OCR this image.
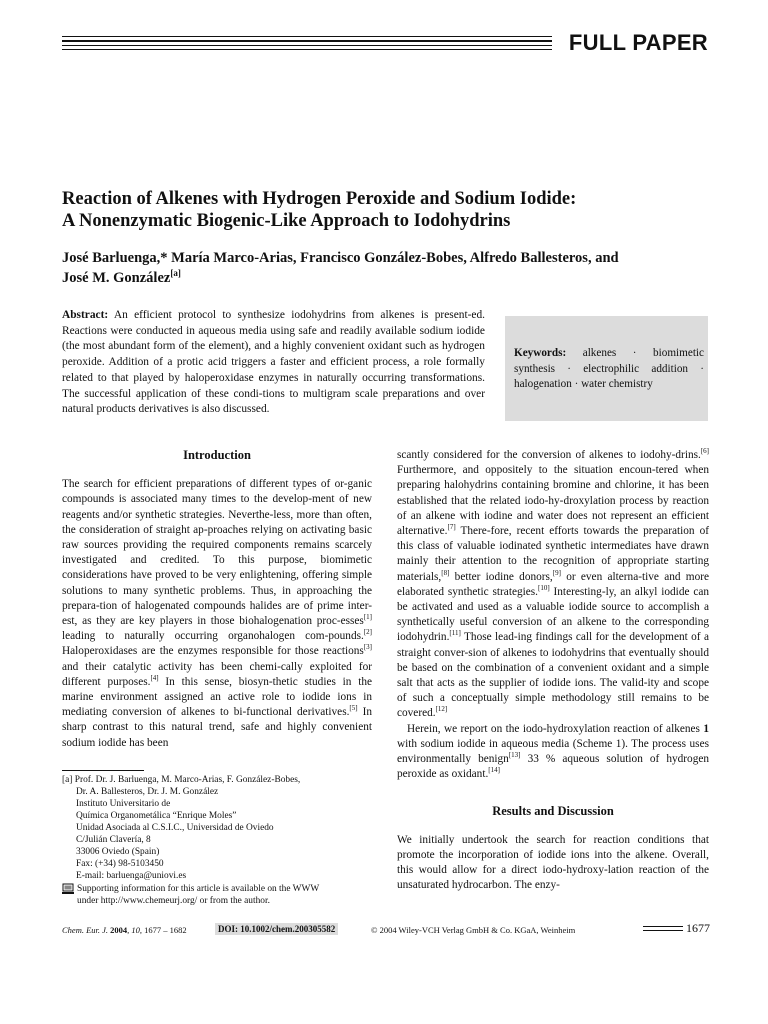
FULL PAPER
Reaction of Alkenes with Hydrogen Peroxide and Sodium Iodide:
A Nonenzymatic Biogenic-Like Approach to Iodohydrins
José Barluenga,* María Marco-Arias, Francisco González-Bobes, Alfredo Ballesteros, and
José M. González[a]
Abstract: An efficient protocol to synthesize iodohydrins from alkenes is present-ed. Reactions were conducted in aqueous media using safe and readily available sodium iodide (the most abundant form of the element), and a highly convenient oxidant such as hydrogen peroxide. Addition of a protic acid triggers a faster and efficient process, a role formally related to that played by haloperoxidase enzymes in naturally occurring transformations. The successful application of these condi-tions to multigram scale preparations and over natural products derivatives is also discussed.
Keywords: alkenes · biomimetic synthesis · electrophilic addition · halogenation · water chemistry

Introduction

The search for efficient preparations of different types of or-ganic compounds is associated many times to the develop-ment of new reagents and/or synthetic strategies. Neverthe-less, more than often, the consideration of straight ap-proaches relying on activating basic raw sources providing the required components remains scarcely investigated and credited. To this purpose, biomimetic considerations have proved to be very enlightening, offering simple solutions to many synthetic problems. Thus, in approaching the prepara-tion of halogenated compounds halides are of prime inter-est, as they are key players in those biohalogenation proc-esses[1] leading to naturally occurring organohalogen com-pounds.[2] Haloperoxidases are the enzymes responsible for those reactions[3] and their catalytic activity has been chemi-cally exploited for different purposes.[4] In this sense, biosyn-thetic studies in the marine environment assigned an active role to iodide ions in mediating conversion of alkenes to bi-functional derivatives.[5] In sharp contrast to this natural trend, safe and highly convenient sodium iodide has been

scantly considered for the conversion of alkenes to iodohy-drins.[6] Furthermore, and oppositely to the situation encoun-tered when preparing halohydrins containing bromine and chlorine, it has been established that the related iodo-hy-droxylation process by reaction of an alkene with iodine and water does not represent an efficient alternative.[7] There-fore, recent efforts towards the preparation of this class of valuable iodinated synthetic intermediates have drawn mainly their attention to the recognition of appropriate starting materials,[8] better iodine donors,[9] or even alterna-tive and more elaborated synthetic strategies.[10] Interesting-ly, an alkyl iodide can be activated and used as a valuable iodide source to accomplish a synthetically useful conversion of an alkene to the corresponding iodohydrin.[11] Those lead-ing findings call for the development of a straight conver-sion of alkenes to iodohydrins that eventually should be based on the combination of a convenient oxidant and a simple salt that acts as the supplier of iodide ions. The valid-ity and scope of such a conceptually simple methodology still remains to be covered.[12]

Herein, we report on the iodo-hydroxylation reaction of alkenes 1 with sodium iodide in aqueous media (Scheme 1). The process uses environmentally benign[13] 33 % aqueous solution of hydrogen peroxide as oxidant.[14]

Results and Discussion

We initially undertook the search for reaction conditions that promote the incorporation of iodide ions into the alkene. Overall, this would allow for a direct iodo-hydroxy-lation reaction of the unsaturated hydrocarbon. The enzy-

[a] Prof. Dr. J. Barluenga, M. Marco-Arias, F. González-Bobes,
Dr. A. Ballesteros, Dr. J. M. González
Instituto Universitario de
Química Organometálica “Enrique Moles”
Unidad Asociada al C.S.I.C., Universidad de Oviedo
C/Julián Clavería, 8
33006 Oviedo (Spain)
Fax: (+34) 98-5103450
E-mail: barluenga@uniovi.es
Supporting information for this article is available on the WWW
under http://www.chemeurj.org/ or from the author.
Chem. Eur. J. 2004, 10, 1677 – 1682	DOI: 10.1002/chem.200305582	© 2004 Wiley-VCH Verlag GmbH & Co. KGaA, Weinheim	1677
